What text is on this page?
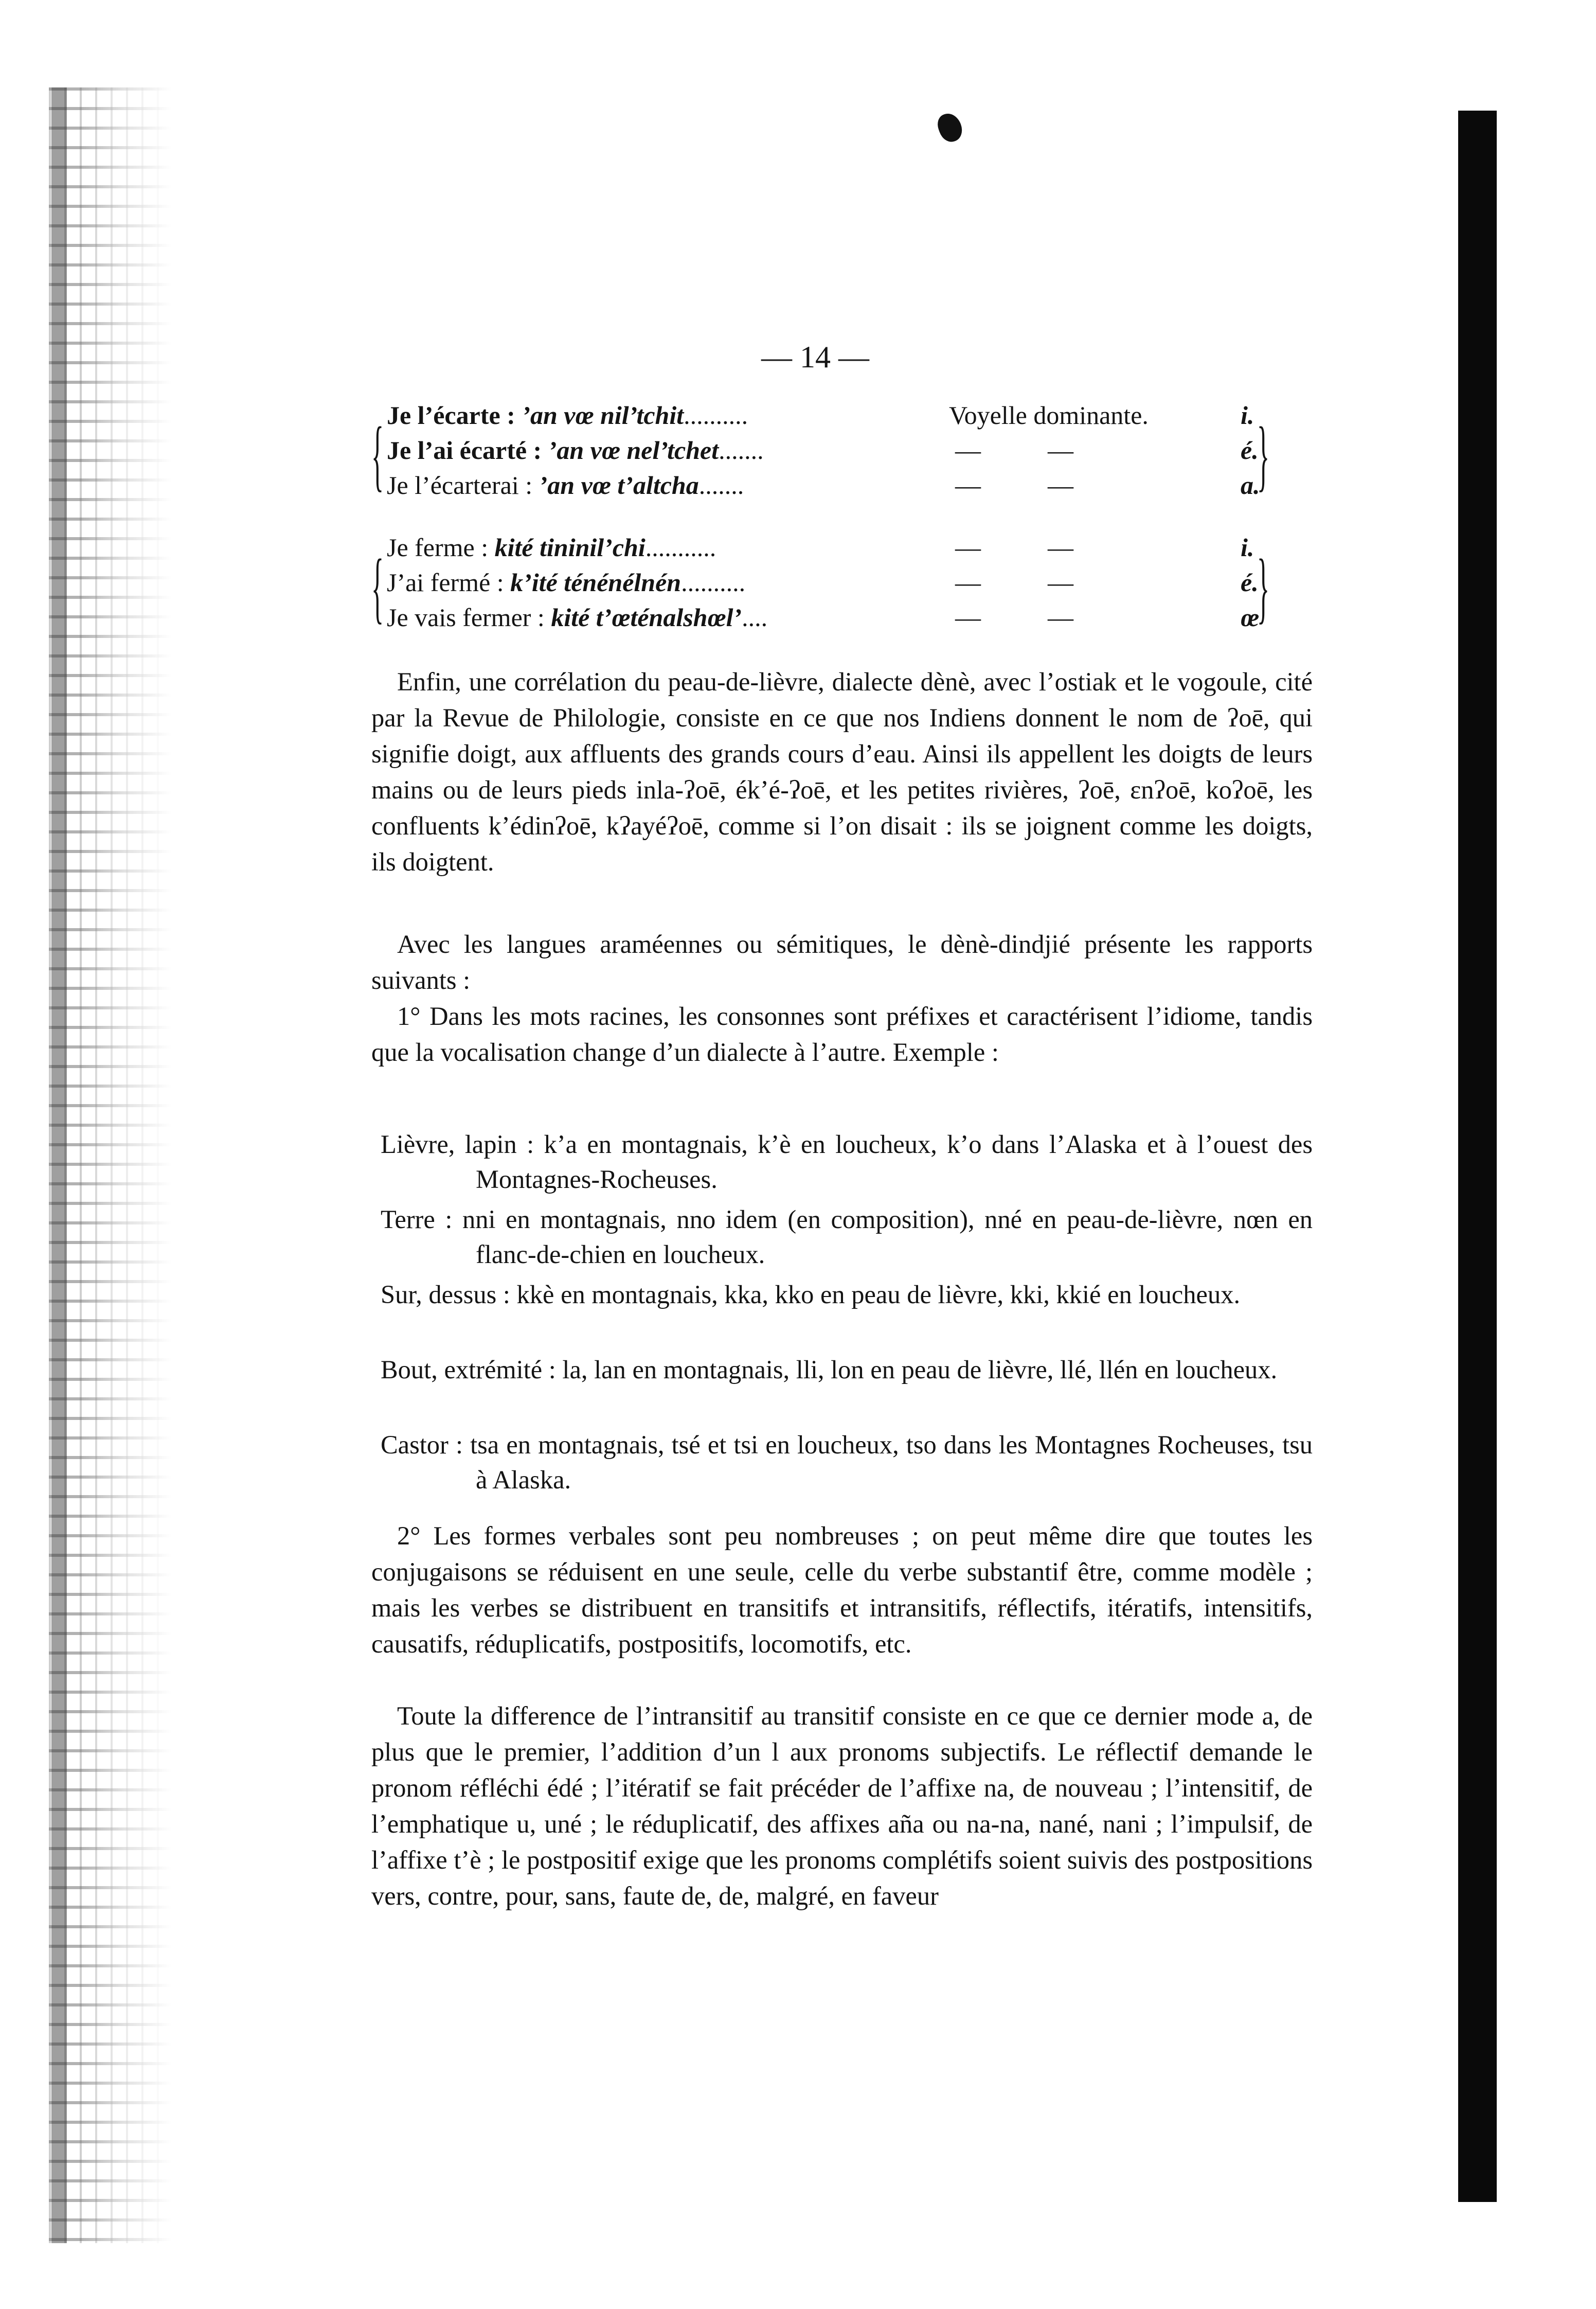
— 14 —
{	}
Je l’écarte : ʼan vœ nil’tchit..........	Voyelle dominante.	i.
Je l’ai écarté : ʼan vœ nel’tchet.......	—	—	é.
Je l’écarterai : ʼan vœ t’altcha.......	—	—	a.
{	}
Je ferme : kité tininil’chi...........	—	—	i.
J’ai fermé : k’ité ténénélnén..........	—	—	é.
Je vais fermer : kité t’œténalshœl’....	—	—	œ
Enfin, une corrélation du peau-de-lièvre, dialecte dènè, avec l’ostiak et le vogoule, cité par la Revue de Philologie, consiste en ce que nos Indiens donnent le nom de ʔoē, qui signifie doigt, aux affluents des grands cours d’eau. Ainsi ils appellent les doigts de leurs mains ou de leurs pieds inla-ʔoē, ék’é-ʔoē, et les petites rivières, ʔoē, ɛnʔoē, koʔoē, les confluents k’édinʔoē, kʔayéʔoē, comme si l’on disait : ils se joignent comme les doigts, ils doigtent.
Avec les langues araméennes ou sémitiques, le dènè-dindjié présente les rapports suivants :
1° Dans les mots racines, les consonnes sont préfixes et caractérisent l’idiome, tandis que la vocalisation change d’un dialecte à l’autre. Exemple :
Lièvre, lapin : k’a en montagnais, k’è en loucheux, k’o dans l’Alaska et à l’ouest des Montagnes-Rocheuses.
Terre : nni en montagnais, nno idem (en composition), nné en peau-de-lièvre, nœn en flanc-de-chien en loucheux.
Sur, dessus : kkè en montagnais, kka, kko en peau de lièvre, kki, kkié en loucheux.
Bout, extrémité : la, lan en montagnais, lli, lon en peau de lièvre, llé, llén en loucheux.
Castor : tsa en montagnais, tsé et tsi en loucheux, tso dans les Montagnes Rocheuses, tsu à Alaska.
2° Les formes verbales sont peu nombreuses ; on peut même dire que toutes les conjugaisons se réduisent en une seule, celle du verbe substantif être, comme modèle ; mais les verbes se distribuent en transitifs et intransitifs, réflectifs, itératifs, intensitifs, causatifs, réduplicatifs, postpositifs, locomotifs, etc.
Toute la difference de l’intransitif au transitif consiste en ce que ce dernier mode a, de plus que le premier, l’addition d’un l aux pronoms subjectifs. Le réflectif demande le pronom réfléchi édé ; l’itératif se fait précéder de l’affixe na, de nouveau ; l’intensitif, de l’emphatique u, uné ; le réduplicatif, des affixes aña ou na-na, nané, nani ; l’impulsif, de l’affixe t’è ; le postpositif exige que les pronoms complétifs soient suivis des postpositions vers, contre, pour, sans, faute de, de, malgré, en faveur
